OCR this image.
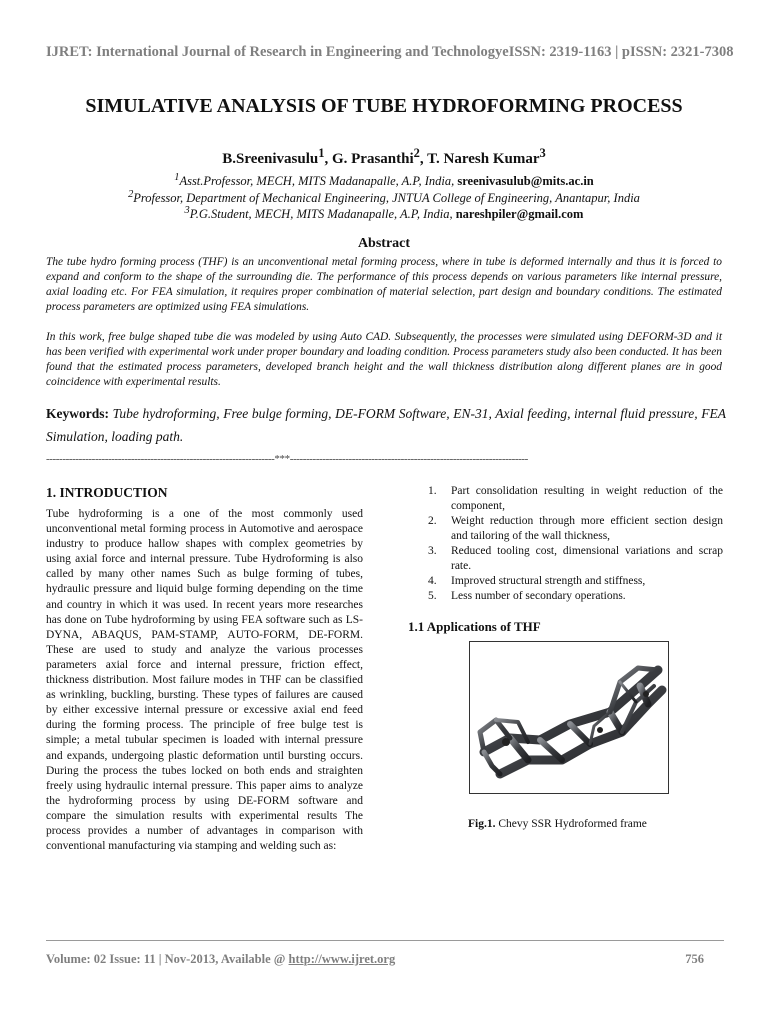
IJRET: International Journal of Research in Engineering and Technology eISSN: 2319-1163 | pISSN: 2321-7308
SIMULATIVE ANALYSIS OF TUBE HYDROFORMING PROCESS
B.Sreenivasulu$^1$, G. Prasanthi$^2$, T. Naresh Kumar$^3$
$^1$Asst.Professor, MECH, MITS Madanapalle, A.P, India, sreenivasulub@mits.ac.in
$^2$Professor, Department of Mechanical Engineering, JNTUA College of Engineering, Anantapur, India
$^3$P.G.Student, MECH, MITS Madanapalle, A.P, India, nareshpiler@gmail.com
Abstract
The tube hydro forming process (THF) is an unconventional metal forming process, where in tube is deformed internally and thus it is forced to expand and conform to the shape of the surrounding die. The performance of this process depends on various parameters like internal pressure, axial loading etc. For FEA simulation, it requires proper combination of material selection, part design and boundary conditions. The estimated process parameters are optimized using FEA simulations.
In this work, free bulge shaped tube die was modeled by using Auto CAD. Subsequently, the processes were simulated using DEFORM-3D and it has been verified with experimental work under proper boundary and loading condition. Process parameters study also been conducted. It has been found that the estimated process parameters, developed branch height and the wall thickness distribution along different planes are in good coincidence with experimental results.
Keywords: Tube hydroforming, Free bulge forming, DE-FORM Software, EN-31, Axial feeding, internal fluid pressure, FEA Simulation, loading path.
----------------------------------------------------------------------***-------------------------------------------------------------------------
1. INTRODUCTION
Tube hydroforming is a one of the most commonly used unconventional metal forming process in Automotive and aerospace industry to produce hallow shapes with complex geometries by using axial force and internal pressure. Tube Hydroforming is also called by many other names Such as bulge forming of tubes, hydraulic pressure and liquid bulge forming depending on the time and country in which it was used. In recent years more researches has done on Tube hydroforming by using FEA software such as LS-DYNA, ABAQUS, PAM-STAMP, AUTO-FORM, DE-FORM. These are used to study and analyze the various processes parameters axial force and internal pressure, friction effect, thickness distribution. Most failure modes in THF can be classified as wrinkling, buckling, bursting. These types of failures are caused by either excessive internal pressure or excessive axial end feed during the forming process. The principle of free bulge test is simple; a metal tubular specimen is loaded with internal pressure and expands, undergoing plastic deformation until bursting occurs. During the process the tubes locked on both ends and straighten freely using hydraulic internal pressure. This paper aims to analyze the hydroforming process by using DE-FORM software and compare the simulation results with experimental results The process provides a number of advantages in comparison with conventional manufacturing via stamping and welding such as:
1.	Part consolidation resulting in weight reduction of the component,
2.	Weight reduction through more efficient section design and tailoring of the wall thickness,
3.	Reduced tooling cost, dimensional variations and scrap rate.
4.	Improved structural strength and stiffness,
5.	Less number of secondary operations.
1.1 Applications of THF
Fig.1. Chevy SSR Hydroformed frame
Volume: 02 Issue: 11 | Nov-2013, Available @ http://www.ijret.org	756
